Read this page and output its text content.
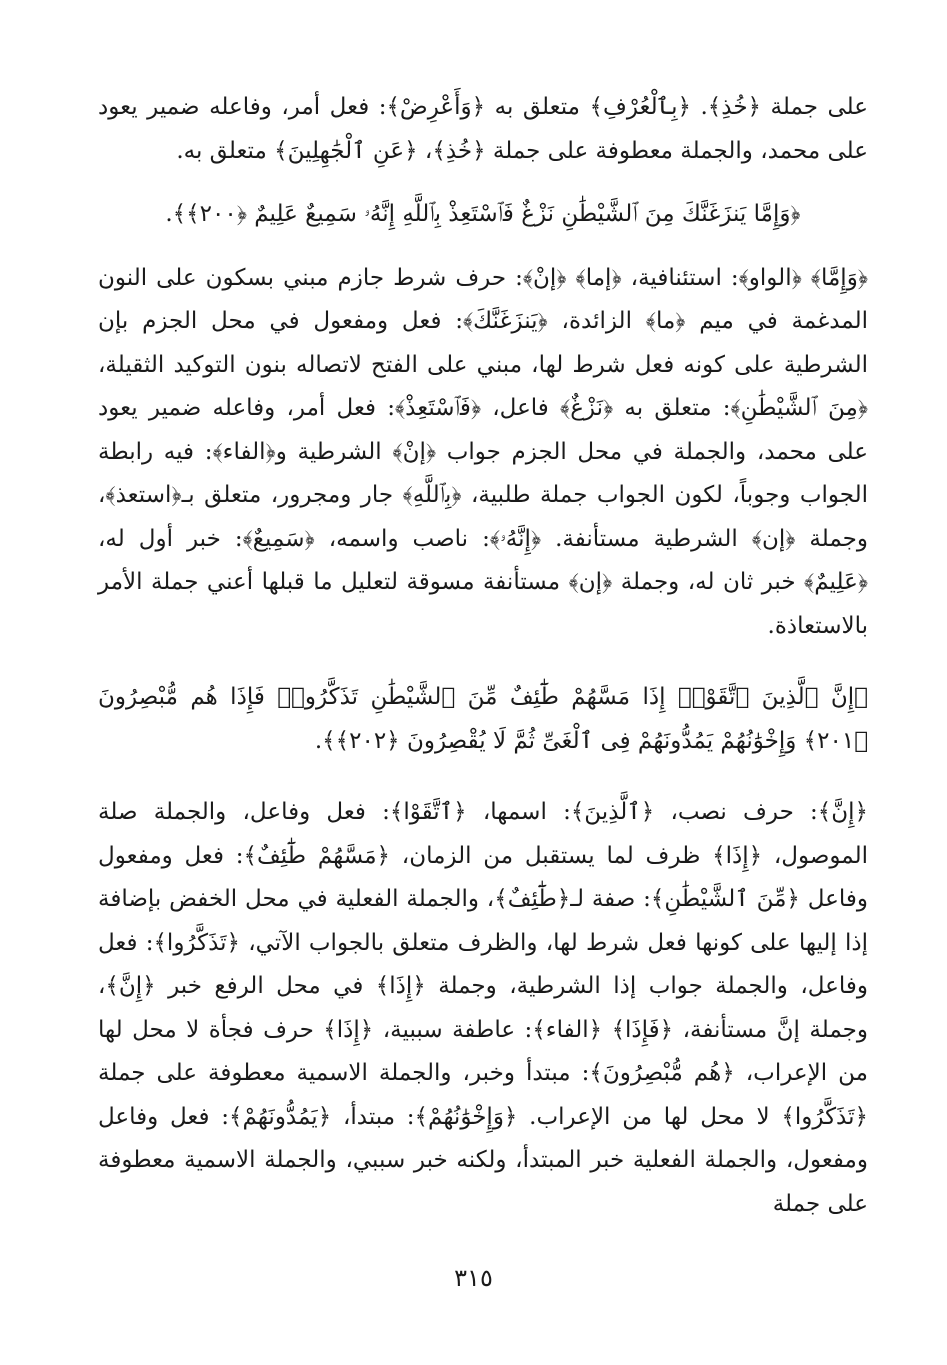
على جملة ﴿خُذِ﴾. ﴿بِٱلْعُرْفِ﴾ متعلق به ﴿وَأَعْرِضْ﴾: فعل أمر، وفاعله ضمير يعود على محمد، والجملة معطوفة على جملة ﴿خُذِ﴾، ﴿عَنِ ٱلْجَٰهِلِينَ﴾ متعلق به.

﴿وَإِمَّا يَنزَغَنَّكَ مِنَ ٱلشَّيْطَٰنِ نَزْغٌ فَٱسْتَعِذْ بِٱللَّهِ إِنَّهُۥ سَمِيعٌ عَلِيمٌ ﴿٢٠٠﴾﴾.

﴿وَإِمَّا﴾ ﴿الواو﴾: استئنافية، ﴿إما﴾ ﴿إنْ﴾: حرف شرط جازم مبني بسكون على النون المدغمة في ميم ﴿ما﴾ الزائدة، ﴿يَنزَغَنَّكَ﴾: فعل ومفعول في محل الجزم بإن الشرطية على كونه فعل شرط لها، مبني على الفتح لاتصاله بنون التوكيد الثقيلة، ﴿مِنَ ٱلشَّيْطَٰنِ﴾: متعلق به ﴿نَزْغٌ﴾ فاعل، ﴿فَٱسْتَعِذْ﴾: فعل أمر، وفاعله ضمير يعود على محمد، والجملة في محل الجزم جواب ﴿إنْ﴾ الشرطية و﴿الفاء﴾: فيه رابطة الجواب وجوباً، لكون الجواب جملة طلبية، ﴿بِٱللَّهِ﴾ جار ومجرور، متعلق بـ﴿استعذ﴾، وجملة ﴿إن﴾ الشرطية مستأنفة. ﴿إِنَّهُۥ﴾: ناصب واسمه، ﴿سَمِيعٌ﴾: خبر أول له، ﴿عَلِيمٌ﴾ خبر ثان له، وجملة ﴿إن﴾ مستأنفة مسوقة لتعليل ما قبلها أعني جملة الأمر بالاستعاذة.

﴿إِنَّ ٱلَّذِينَ ٱتَّقَوْا۟ إِذَا مَسَّهُمْ طَٰٓئِفٌ مِّنَ ٱلشَّيْطَٰنِ تَذَكَّرُوا۟ فَإِذَا هُم مُّبْصِرُونَ ﴿٢٠١﴾ وَإِخْوَٰنُهُمْ يَمُدُّونَهُمْ فِى ٱلْغَىِّ ثُمَّ لَا يُقْصِرُونَ ﴿٢٠٢﴾﴾.

﴿إِنَّ﴾: حرف نصب، ﴿ٱلَّذِينَ﴾: اسمها، ﴿ٱتَّقَوْا﴾: فعل وفاعل، والجملة صلة الموصول، ﴿إِذَا﴾ ظرف لما يستقبل من الزمان، ﴿مَسَّهُمْ طَٰٓئِفٌ﴾: فعل ومفعول وفاعل ﴿مِّنَ ٱلشَّيْطَٰنِ﴾: صفة لـ﴿طَٰٓئِفٌ﴾، والجملة الفعلية في محل الخفض بإضافة إذا إليها على كونها فعل شرط لها، والظرف متعلق بالجواب الآتي، ﴿تَذَكَّرُوا﴾: فعل وفاعل، والجملة جواب إذا الشرطية، وجملة ﴿إِذَا﴾ في محل الرفع خبر ﴿إِنَّ﴾، وجملة إنَّ مستأنفة، ﴿فَإِذَا﴾ ﴿الفاء﴾: عاطفة سببية، ﴿إِذَا﴾ حرف فجأة لا محل لها من الإعراب، ﴿هُم مُّبْصِرُونَ﴾: مبتدأ وخبر، والجملة الاسمية معطوفة على جملة ﴿تَذَكَّرُوا﴾ لا محل لها من الإعراب. ﴿وَإِخْوَٰنُهُمْ﴾: مبتدأ، ﴿يَمُدُّونَهُمْ﴾: فعل وفاعل ومفعول، والجملة الفعلية خبر المبتدأ، ولكنه خبر سببي، والجملة الاسمية معطوفة على جملة

٣١٥
